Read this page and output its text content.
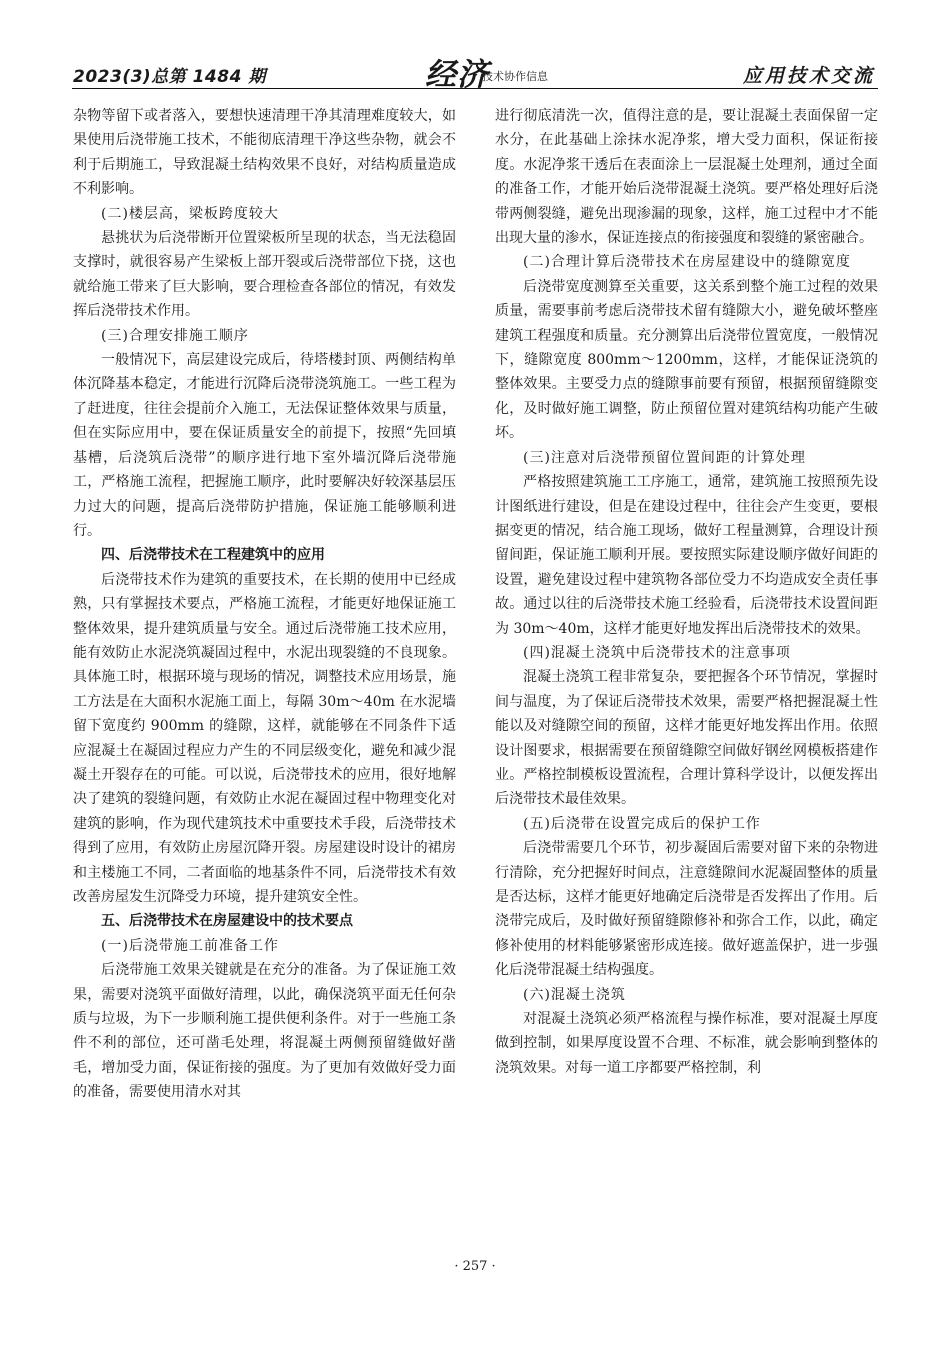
2023(3)总第 1484 期	经济
技术协作信息	应用技术交流

杂物等留下或者落入，要想快速清理干净其清理难度较大，如果使用后浇带施工技术，不能彻底清理干净这些杂物，就会不利于后期施工，导致混凝土结构效果不良好，对结构质量造成不利影响。

(二)楼层高，梁板跨度较大

悬挑状为后浇带断开位置梁板所呈现的状态，当无法稳固支撑时，就很容易产生梁板上部开裂或后浇带部位下挠，这也就给施工带来了巨大影响，要合理检查各部位的情况，有效发挥后浇带技术作用。

(三)合理安排施工顺序

一般情况下，高层建设完成后，待塔楼封顶、两侧结构单体沉降基本稳定，才能进行沉降后浇带浇筑施工。一些工程为了赶进度，往往会提前介入施工，无法保证整体效果与质量，但在实际应用中，要在保证质量安全的前提下，按照“先回填基槽，后浇筑后浇带”的顺序进行地下室外墙沉降后浇带施工，严格施工流程，把握施工顺序，此时要解决好较深基层压力过大的问题，提高后浇带防护措施，保证施工能够顺利进行。

四、后浇带技术在工程建筑中的应用

后浇带技术作为建筑的重要技术，在长期的使用中已经成熟，只有掌握技术要点，严格施工流程，才能更好地保证施工整体效果，提升建筑质量与安全。通过后浇带施工技术应用，能有效防止水泥浇筑凝固过程中，水泥出现裂缝的不良现象。具体施工时，根据环境与现场的情况，调整技术应用场景，施工方法是在大面积水泥施工面上，每隔 30m～40m 在水泥墙留下宽度约 900mm 的缝隙，这样，就能够在不同条件下适应混凝土在凝固过程应力产生的不同层级变化，避免和减少混凝土开裂存在的可能。可以说，后浇带技术的应用，很好地解决了建筑的裂缝问题，有效防止水泥在凝固过程中物理变化对建筑的影响，作为现代建筑技术中重要技术手段，后浇带技术得到了应用，有效防止房屋沉降开裂。房屋建设时设计的裙房和主楼施工不同，二者面临的地基条件不同，后浇带技术有效改善房屋发生沉降受力环境，提升建筑安全性。

五、后浇带技术在房屋建设中的技术要点
(一)后浇带施工前准备工作

后浇带施工效果关键就是在充分的准备。为了保证施工效果，需要对浇筑平面做好清理，以此，确保浇筑平面无任何杂质与垃圾，为下一步顺利施工提供便利条件。对于一些施工条件不利的部位，还可凿毛处理，将混凝土两侧预留缝做好凿毛，增加受力面，保证衔接的强度。为了更加有效做好受力面的准备，需要使用清水对其

进行彻底清洗一次，值得注意的是，要让混凝土表面保留一定水分，在此基础上涂抹水泥净浆，增大受力面积，保证衔接度。水泥净浆干透后在表面涂上一层混凝土处理剂，通过全面的准备工作，才能开始后浇带混凝土浇筑。要严格处理好后浇带两侧裂缝，避免出现渗漏的现象，这样，施工过程中才不能出现大量的渗水，保证连接点的衔接强度和裂缝的紧密融合。

(二)合理计算后浇带技术在房屋建设中的缝隙宽度

后浇带宽度测算至关重要，这关系到整个施工过程的效果质量，需要事前考虑后浇带技术留有缝隙大小，避免破坏整座建筑工程强度和质量。充分测算出后浇带位置宽度，一般情况下，缝隙宽度 800mm～1200mm，这样，才能保证浇筑的整体效果。主要受力点的缝隙事前要有预留，根据预留缝隙变化，及时做好施工调整，防止预留位置对建筑结构功能产生破坏。

(三)注意对后浇带预留位置间距的计算处理

严格按照建筑施工工序施工，通常，建筑施工按照预先设计图纸进行建设，但是在建设过程中，往往会产生变更，要根据变更的情况，结合施工现场，做好工程量测算，合理设计预留间距，保证施工顺利开展。要按照实际建设顺序做好间距的设置，避免建设过程中建筑物各部位受力不均造成安全责任事故。通过以往的后浇带技术施工经验看，后浇带技术设置间距为 30m～40m，这样才能更好地发挥出后浇带技术的效果。

(四)混凝土浇筑中后浇带技术的注意事项

混凝土浇筑工程非常复杂，要把握各个环节情况，掌握时间与温度，为了保证后浇带技术效果，需要严格把握混凝土性能以及对缝隙空间的预留，这样才能更好地发挥出作用。依照设计图要求，根据需要在预留缝隙空间做好钢丝网模板搭建作业。严格控制模板设置流程，合理计算科学设计，以便发挥出后浇带技术最佳效果。

(五)后浇带在设置完成后的保护工作

后浇带需要几个环节，初步凝固后需要对留下来的杂物进行清除，充分把握好时间点，注意缝隙间水泥凝固整体的质量是否达标，这样才能更好地确定后浇带是否发挥出了作用。后浇带完成后，及时做好预留缝隙修补和弥合工作，以此，确定修补使用的材料能够紧密形成连接。做好遮盖保护，进一步强化后浇带混凝土结构强度。

(六)混凝土浇筑

对混凝土浇筑必须严格流程与操作标准，要对混凝土厚度做到控制，如果厚度设置不合理、不标准，就会影响到整体的浇筑效果。对每一道工序都要严格控制，利

· 257 ·
